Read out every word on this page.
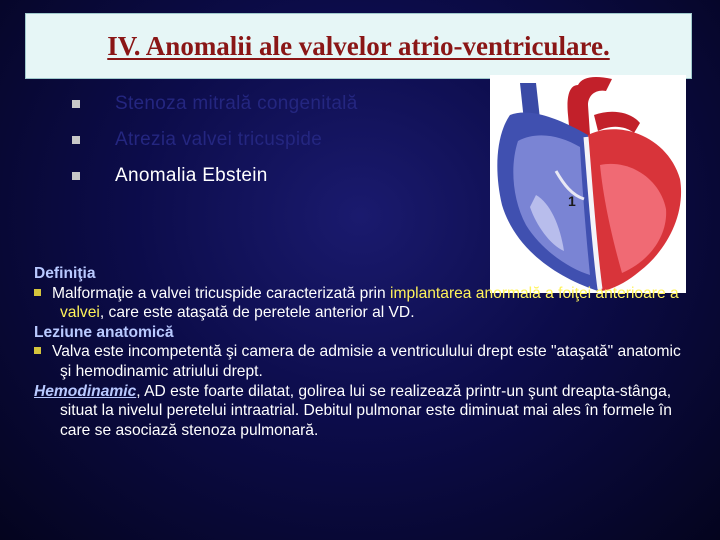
IV. Anomalii ale valvelor atrio-ventriculare.
Stenoza mitrală congenitală
Atrezia valvei tricuspide
Anomalia Ebstein
1

Definiţia

Malformaţie a valvei tricuspide caracterizată prin implantarea anormală a foiţei anterioare a valvei, care este ataşată de peretele anterior al VD.

Leziune anatomică

Valva este incompetentă şi camera de admisie a ventriculului drept este "ataşată" anatomic şi hemodinamic atriului drept.

Hemodinamic, AD este foarte dilatat, golirea lui se realizează printr-un şunt dreapta-stânga, situat la nivelul peretelui intraatrial. Debitul pulmonar este diminuat mai ales în formele în care se asociază stenoza pulmonară.
